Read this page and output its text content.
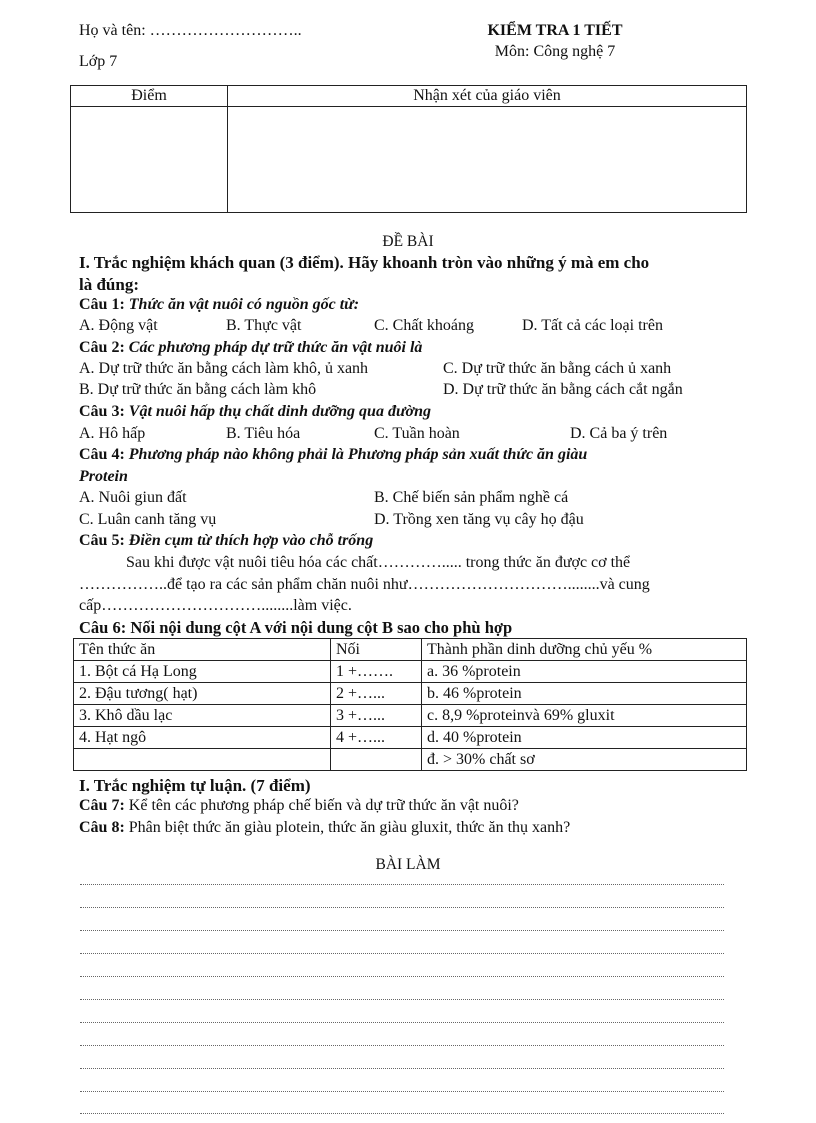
Họ và tên: ………………………..
Lớp 7
KIỂM TRA 1 TIẾT
Môn: Công nghệ 7
Điểm	Nhận xét của giáo viên

ĐỀ BÀI
I. Trắc nghiệm khách quan (3 điểm). Hãy khoanh tròn vào những ý mà em cho
là đúng:
Câu 1: Thức ăn vật nuôi có nguồn gốc từ:
A. Động vật	B. Thực vật	C. Chất khoáng	D. Tất cả các loại trên
Câu 2: Các phương pháp dự trữ thức ăn vật nuôi là
A. Dự trữ thức ăn bằng cách làm khô, ủ xanh	C. Dự trữ thức ăn bằng cách ủ xanh
B. Dự trữ thức ăn bằng cách làm khô	D. Dự trữ thức ăn bằng cách cắt ngắn
Câu 3: Vật nuôi hấp thụ chất dinh dưỡng qua đường
A. Hô hấp	B. Tiêu hóa	C. Tuần hoàn	D. Cả ba ý trên
Câu 4: Phương pháp nào không phải là Phương pháp sản xuất thức ăn giàu
Protein
A. Nuôi giun đất	B. Chế biến sản phẩm nghề cá
C. Luân canh tăng vụ	D. Trồng xen tăng vụ cây họ đậu
Câu 5: Điền cụm từ thích hợp vào chỗ trống
Sau khi được vật nuôi tiêu hóa các chất…………..... trong thức ăn được cơ thể
……………..để tạo ra các sản phẩm chăn nuôi như…………………………........và cung
cấp…………………………........làm việc.
Câu 6: Nối nội dung cột A với nội dung cột B sao cho phù hợp
Tên thức ăn	Nối	Thành phần dinh dưỡng chủ yếu %
1. Bột cá Hạ Long	1 +…….	a. 36 %protein
2. Đậu tương( hạt)	2 +…...	b. 46 %protein
3. Khô dầu lạc	3 +…...	c. 8,9 %proteinvà 69% gluxit
4. Hạt ngô	4 +…...	d. 40 %protein
		đ. > 30% chất sơ
I. Trắc nghiệm tự luận. (7 điểm)
Câu 7: Kể tên các phương pháp chế biến và dự trữ thức ăn vật nuôi?
Câu 8: Phân biệt thức ăn giàu plotein, thức ăn giàu gluxit, thức ăn thụ xanh?
BÀI LÀM
